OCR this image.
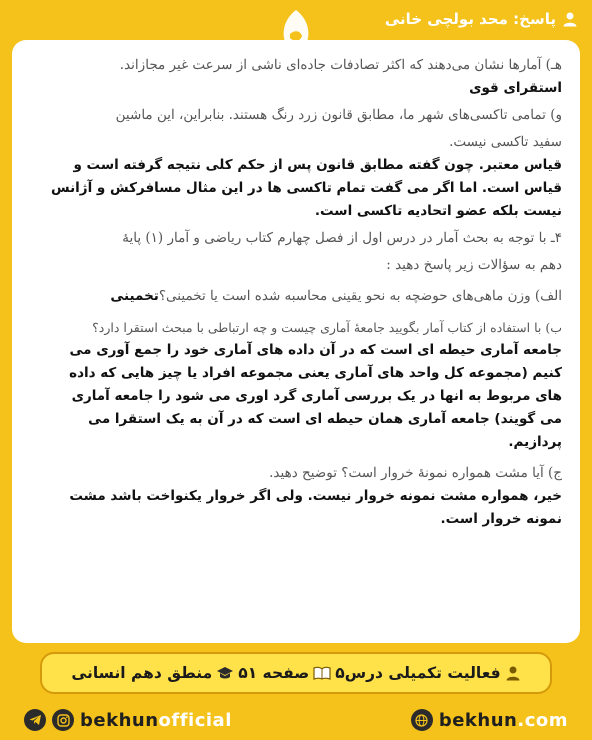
پاسخ: محد بولچی خانی

هـ) آمارها نشان می‌دهند که اکثر تصادفات جاده‌ای ناشی از سرعت غیر مجازاند.

استقرای قوی

و) تمامی تاکسی‌های شهر ما، مطابق قانون زرد رنگ هستند. بنابراین، این ماشین

سفید تاکسی نیست.

قیاس معتبر. چون گفته مطابق قانون پس از حکم کلی نتیجه گرفته است و

قیاس است. اما اگر می گفت تمام تاکسی ها در این مثال مسافرکش و آژانس

نیست بلکه عضو اتحادیه تاکسی است.

۴ـ با توجه به بحث آمار در درس اول از فصل چهارم کتاب ریاضی و آمار (۱) پایهٔ

دهم به سؤالات زیر پاسخ دهید :

الف) وزن ماهی‌های حوضچه به نحو یقینی محاسبه شده است یا تخمینی؟تخمینی

ب) با استفاده از کتاب آمار بگویید جامعهٔ آماری چیست و چه ارتباطی با مبحث استقرا دارد؟

جامعه آماری حیطه ای است که در آن داده های آماری خود را جمع آوری می

کنیم (مجموعه کل واحد های آماری یعنی مجموعه افراد یا چیز هایی که داده

های مربوط به انها در یک بررسی آماری گرد اوری می شود را جامعه آماری

می گویند) جامعه آماری همان حیطه ای است که در آن به یک استقرا می

پردازیم.

ج) آیا مشت همواره نمونهٔ خروار است؟ توضیح دهید.

خیر، همواره مشت نمونه خروار نیست. ولی اگر خروار یکنواخت باشد مشت

نمونه خروار است.

فعالیت تکمیلی درس۵
صفحه ۵۱
منطق دهم انسانی
bekhunofficial	bekhun.com
